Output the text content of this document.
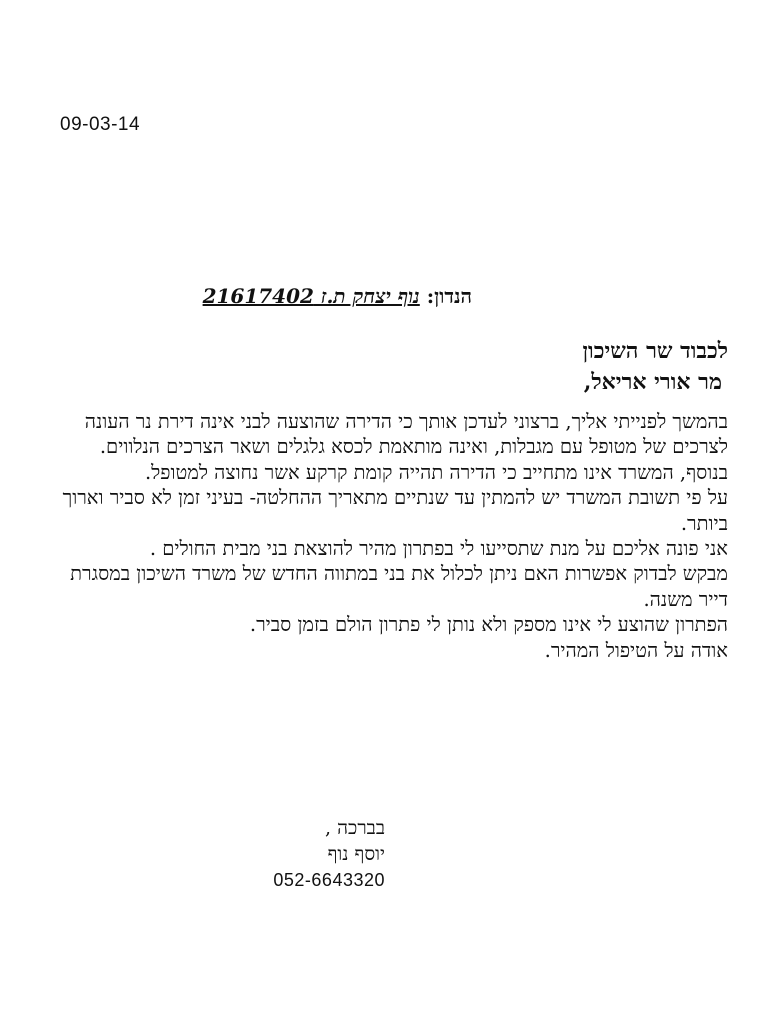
09-03-14
הנדון: נוף יצחק ת.ז 21617402
לכבוד שר השיכון
מר אורי אריאל,

בהמשך לפנייתי אליך, ברצוני לעדכן אותך כי הדירה שהוצעה לבני אינה דירת נר העונה לצרכים של מטופל עם מגבלות, ואינה מותאמת לכסא גלגלים ושאר הצרכים הנלווים.

בנוסף, המשרד אינו מתחייב כי הדירה תהייה קומת קרקע אשר נחוצה למטופל.

על פי תשובת המשרד יש להמתין עד שנתיים מתאריך ההחלטה- בעיני זמן לא סביר וארוך ביותר.

אני פונה אליכם על מנת שתסייעו לי בפתרון מהיר להוצאת בני מבית החולים .

מבקש לבדוק אפשרות האם ניתן לכלול את בני במתווה החדש של משרד השיכון במסגרת דייר משנה.

הפתרון שהוצע לי אינו מספק ולא נותן לי פתרון הולם בזמן סביר.

אודה על הטיפול המהיר.

בברכה ,
יוסף נוף
052-6643320
